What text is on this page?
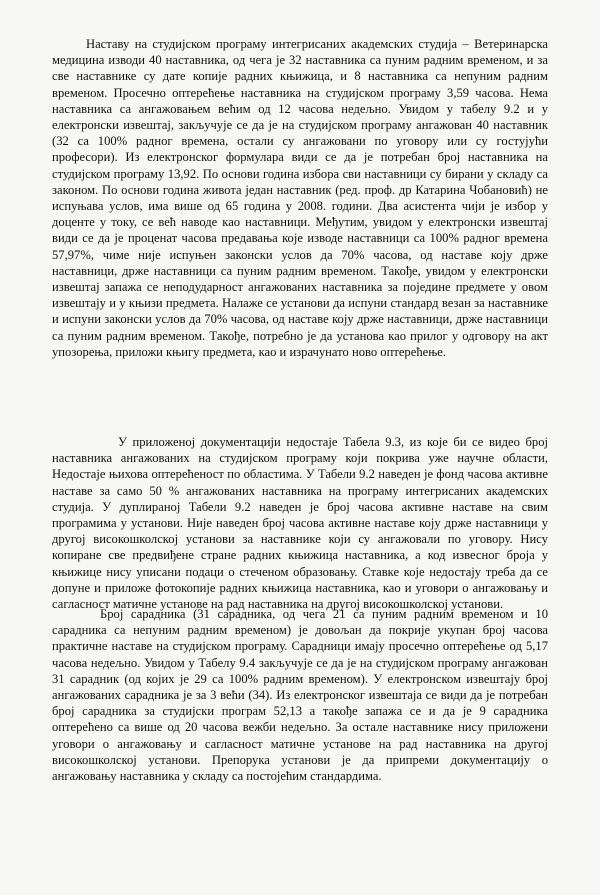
Наставу на студијском програму интегрисаних академских студија – Ветеринарска медицина изводи 40 наставника, од чега је 32 наставника са пуним радним временом, и за све наставнике су дате копије радних књижица, и 8 наставника са непуним радним временом. Просечно оптерећење наставника на студијском програму 3,59 часова. Нема наставника са ангажовањем већим од 12 часова недељно. Увидом у табелу 9.2 и у електронски извештај, закључује се да је на студијском програму ангажован 40 наставник (32 са 100% радног времена, остали су ангажовани по уговору или су гостујући професори). Из електронског формулара види се да је потребан број наставника на студијском програму 13,92. По основи година избора сви наставници су бирани у складу са законом. По основи година живота један наставник (ред. проф. др Катарина Чобановић) не испуњава услов, има више од 65 година у 2008. години. Два асистента чији је избор у доценте у току, се већ наводе као наставници. Међутим, увидом у електронски извештај види се да је проценат часова предавања које изводе наставници са 100% радног времена 57,97%, чиме није испуњен законски услов да 70% часова, од наставе коју држе наставници, држе наставници са пуним радним временом. Такође, увидом у електронски извештај запажа се неподударност ангажованих наставника за поједине предмете у овом извештају и у књизи предмета. Налаже се установи да испуни стандард везан за наставнике и испуни законски услов да 70% часова, од наставе коју држе наставници, држе наставници са пуним радним временом. Такође, потребно је да установа као прилог у одговору на акт упозорења, приложи књигу предмета, као и израчунато ново оптерећење.

У приложеној документацији недостаје Табела 9.3, из које би се видео број наставника ангажованих на студијском програму који покрива уже научне области, Недостаје њихова оптерећеност по областима. У Табели 9.2 наведен је фонд часова активне наставе за само 50 % ангажованих наставника на програму интегрисаних академских студија. У дуплираној Табели 9.2 наведен је број часова активне наставе на свим програмима у установи. Није наведен број часова активне наставе коју држе наставници у другој високошколској установи за наставнике који су ангажовали по уговору. Нису копиране све предвиђене стране радних књижица наставника, а код извесног броја у књижице нису уписани подаци о стеченом образовању. Ставке које недостају треба да се допуне и приложе фотокопије радних књижица наставника, као и уговори о ангажовању и сагласност матичне установе на рад наставника на другој високошколској установи.

Број сарадника (31 сарадника, од чега 21 са пуним радним временом и 10 сарадника са непуним радним временом) је довољан да покрије укупан број часова практичне наставе на студијском програму. Сарадници имају просечно оптерећење од 5,17 часова недељно. Увидом у Табелу 9.4 закључује се да је на студијском програму ангажован 31 сарадник (од којих је 29 са 100% радним временом). У електронском извештају број ангажованих сарадника је за 3 већи (34). Из електронског извештаја се види да је потребан број сарадника за студијски програм 52,13 а такође запажа се и да је 9 сарадника оптерећено са више од 20 часова вежби недељно. За остале наставнике нису приложени уговори о ангажовању и сагласност матичне установе на рад наставника на другој високошколској установи. Препорука установи је да припреми документацију о ангажовању наставника у складу са постојећим стандардима.
